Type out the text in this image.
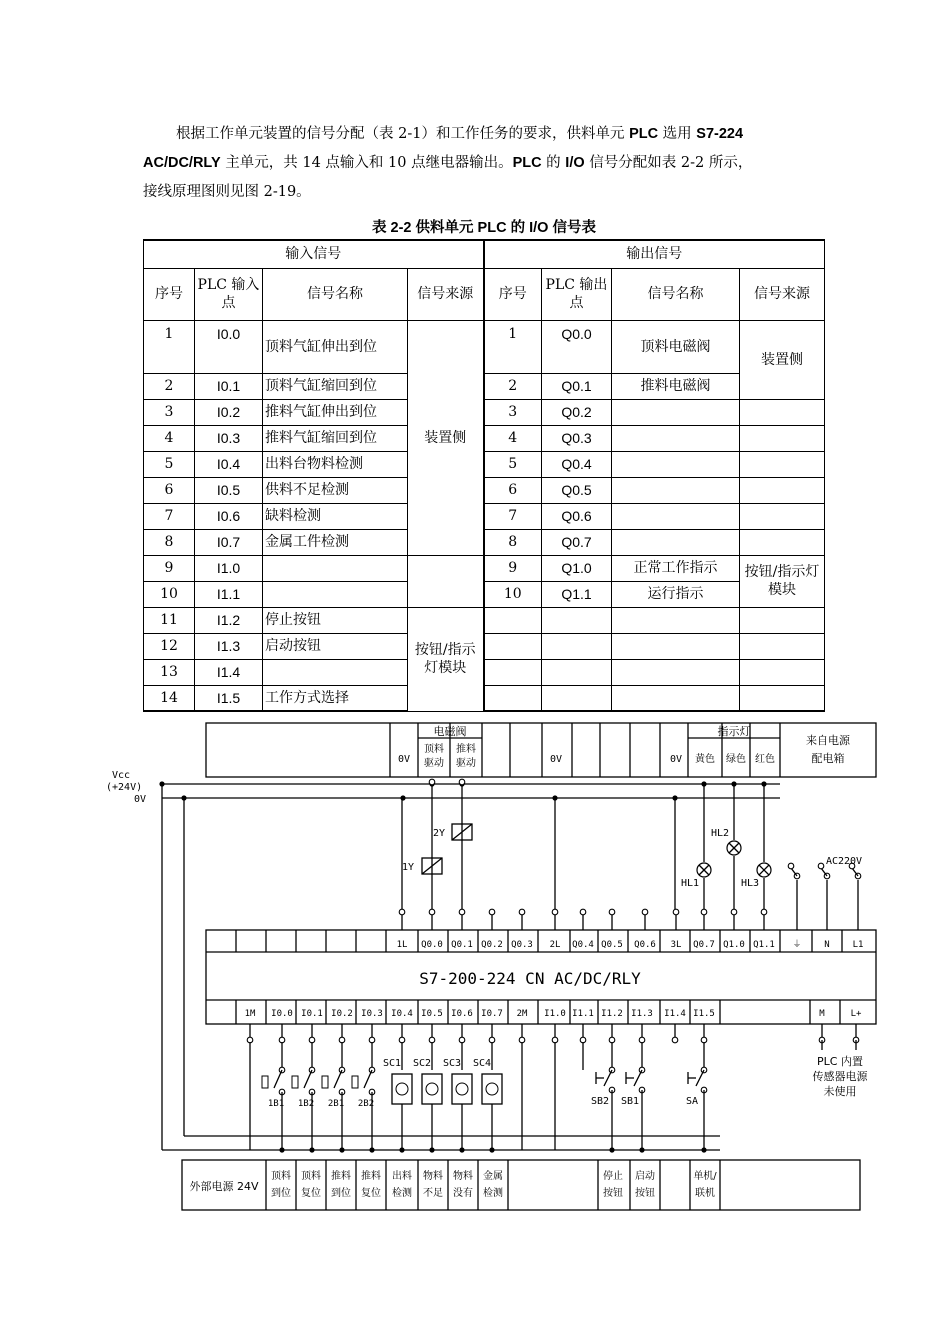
根据工作单元装置的信号分配（表 2-1）和工作任务的要求，供料单元 PLC 选用 S7-224
AC/DC/RLY 主单元，共 14 点输入和 10 点继电器输出。PLC 的 I/O 信号分配如表 2-2 所示，
接线原理图则见图 2-19。
表 2-2 供料单元 PLC 的 I/O 信号表
输入信号				输出信号			
序号	PLC 输入点	信号名称	信号来源	序号	PLC 输出点	信号名称	信号来源
1	I0.0	顶料气缸伸出到位	装置侧	1	Q0.0	顶料电磁阀	装置侧
2	I0.1	顶料气缸缩回到位		2	Q0.1	推料电磁阀	
3	I0.2	推料气缸伸出到位		3	Q0.2		
4	I0.3	推料气缸缩回到位		4	Q0.3		
5	I0.4	出料台物料检测		5	Q0.4		
6	I0.5	供料不足检测		6	Q0.5		
7	I0.6	缺料检测		7	Q0.6		
8	I0.7	金属工件检测		8	Q0.7		
9	I1.0			9	Q1.0	正常工作指示	按钮/指示灯模块
10	I1.1			10	Q1.1	运行指示	
11	I1.2	停止按钮	按钮/指示灯模块				
12	I1.3	启动按钮					
13	I1.4						
14	I1.5	工作方式选择					
0V
电磁阀
顶料
驱动
推料
驱动	0V	0V
指示灯
黄色 绿色 红色
来自电源
配电箱
Vcc
(+24V)
0V
S7-200-224 CN AC/DC/RLY
1L Q0.0 Q0.1 Q0.2 Q0.3 2L Q0.4 Q0.5 Q0.6 3L Q0.7 Q1.0 Q1.1 ⏚	N	L1
1M I0.0 I0.1 I0.2 I0.3 I0.4 I0.5 I0.6 I0.7 2M I1.0 I1.1 I1.2 I1.3 I1.4 I1.5	M	L+
1Y
2Y
HL1
HL2
HL3
AC220V
1B1 1B2 2B1 2B2
SC1 SC2 SC3 SC4
SB2 SB1	SA
PLC 内置
传感器电源
未使用
外部电源 24V
顶料
到位
顶料
复位
推料
到位
推料
复位
出料
检测
物料
不足
物料
没有
金属
检测
停止
按钮
启动
按钮
单机/
联机
